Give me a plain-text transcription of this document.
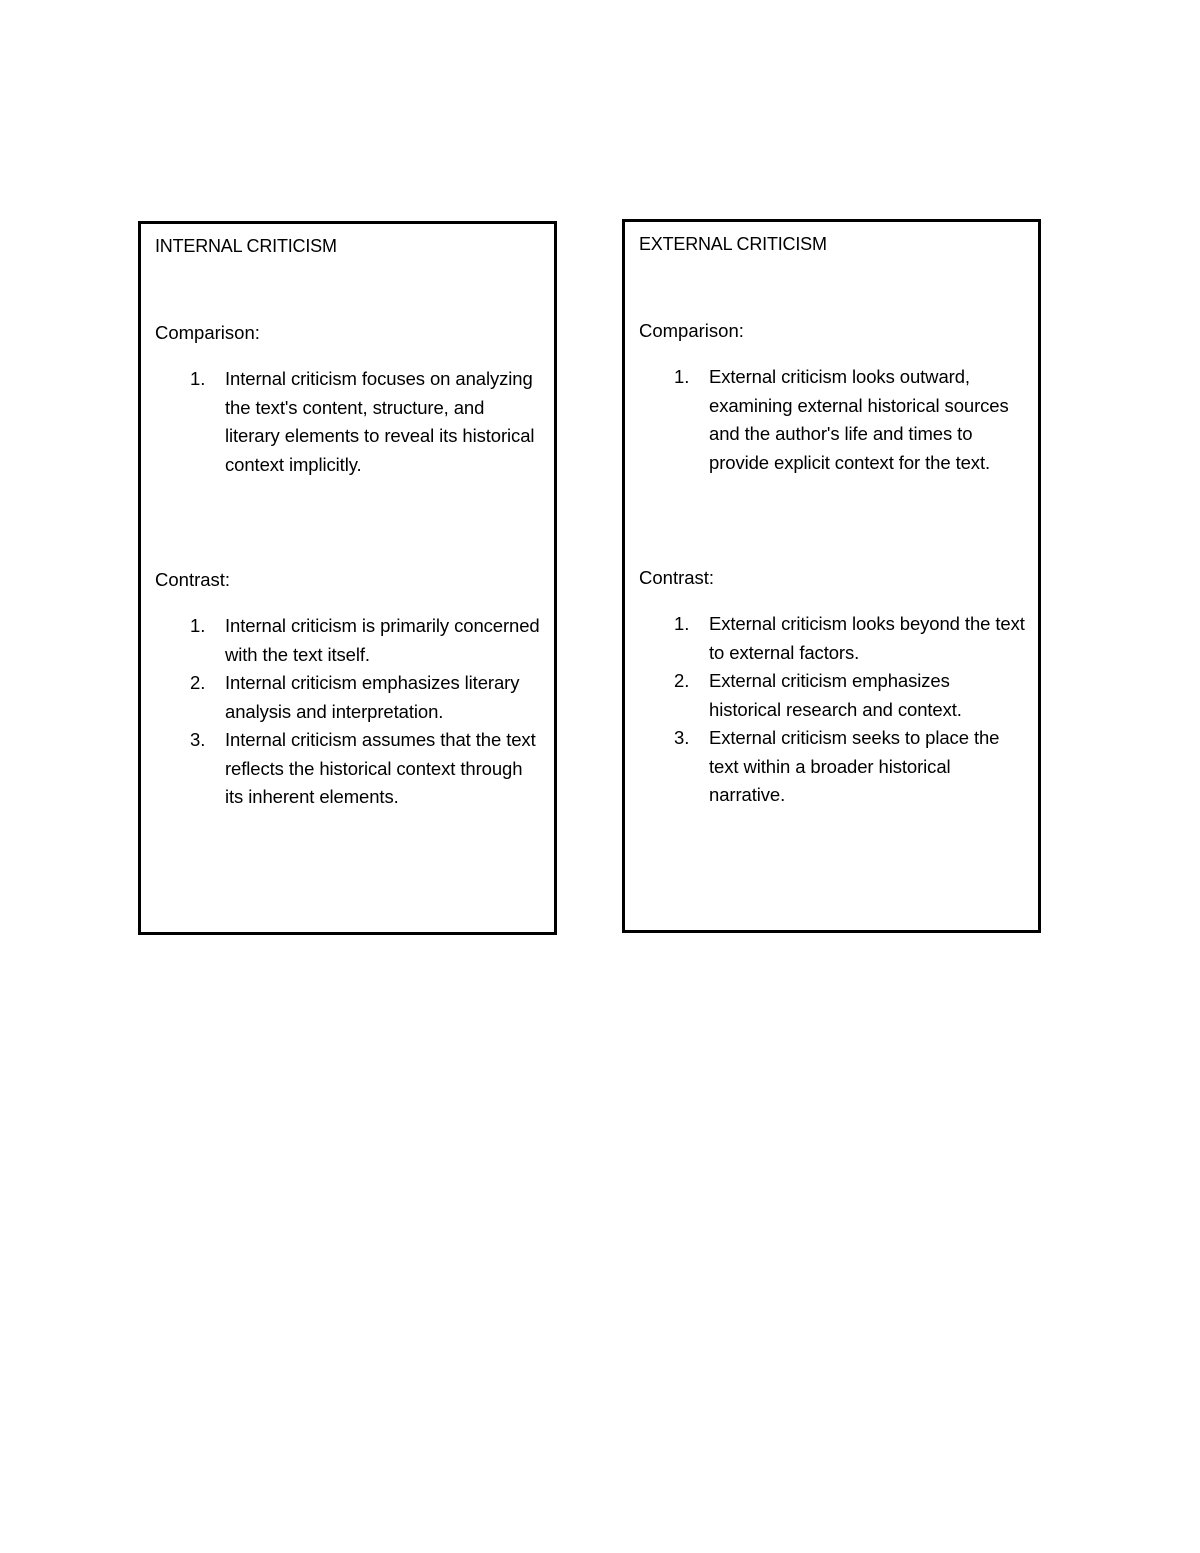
INTERNAL CRITICISM
Comparison:
1. Internal criticism focuses on analyzing the text's content, structure, and literary elements to reveal its historical context implicitly.
Contrast:
1. Internal criticism is primarily concerned with the text itself.
2. Internal criticism emphasizes literary analysis and interpretation.
3. Internal criticism assumes that the text reflects the historical context through its inherent elements.
EXTERNAL CRITICISM
Comparison:
1. External criticism looks outward, examining external historical sources and the author's life and times to provide explicit context for the text.
Contrast:
1. External criticism looks beyond the text to external factors.
2. External criticism emphasizes historical research and context.
3. External criticism seeks to place the text within a broader historical narrative.
